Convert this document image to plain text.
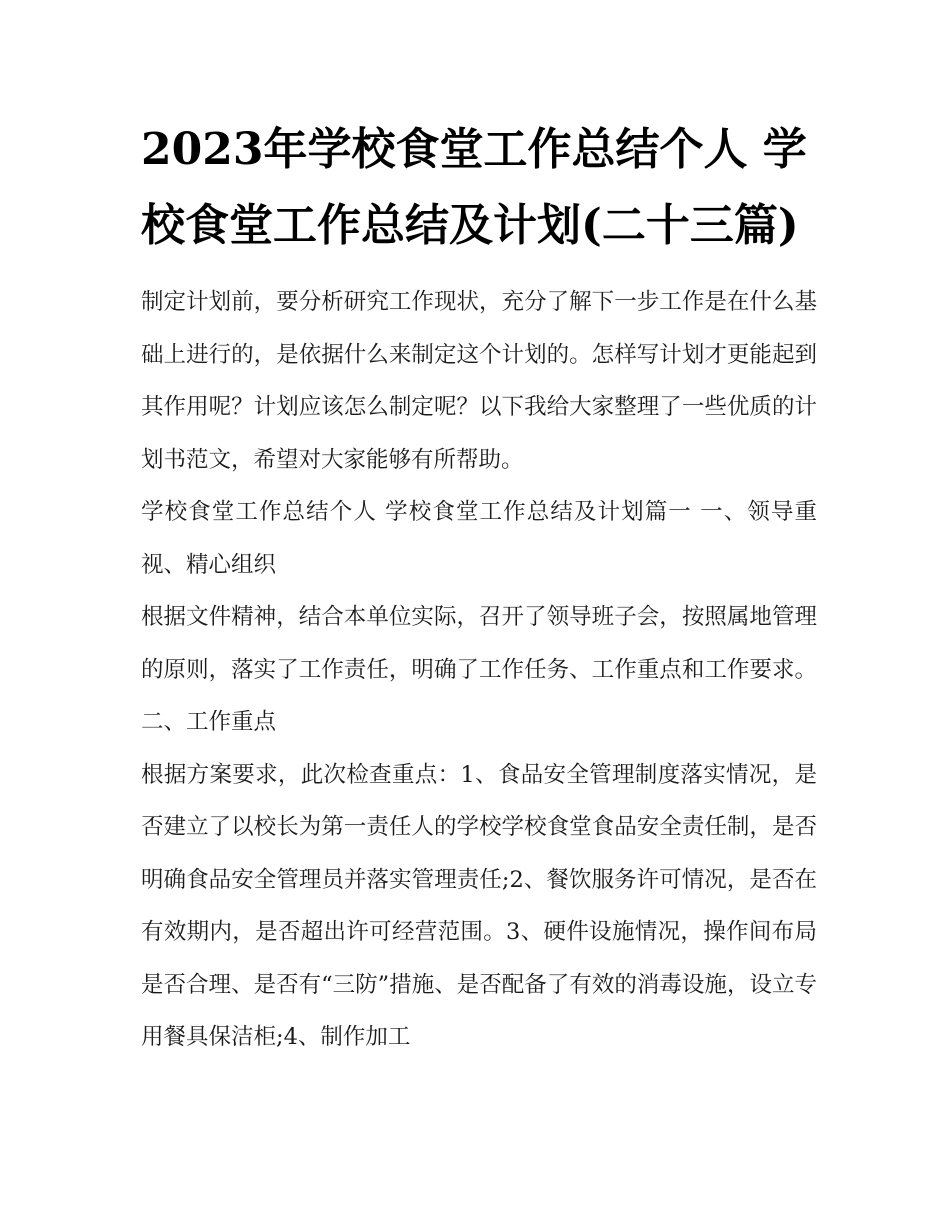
2023年学校食堂工作总结个人 学校食堂工作总结及计划(二十三篇)

制定计划前，要分析研究工作现状，充分了解下一步工作是在什么基础上进行的，是依据什么来制定这个计划的。怎样写计划才更能起到其作用呢？计划应该怎么制定呢？以下我给大家整理了一些优质的计划书范文，希望对大家能够有所帮助。

学校食堂工作总结个人 学校食堂工作总结及计划篇一 一、领导重视、精心组织

根据文件精神，结合本单位实际，召开了领导班子会，按照属地管理的原则，落实了工作责任，明确了工作任务、工作重点和工作要求。 二、工作重点

根据方案要求，此次检查重点：1、食品安全管理制度落实情况，是否建立了以校长为第一责任人的学校学校食堂食品安全责任制，是否明确食品安全管理员并落实管理责任;2、餐饮服务许可情况，是否在有效期内，是否超出许可经营范围。3、硬件设施情况，操作间布局是否合理、是否有“三防”措施、是否配备了有效的消毒设施，设立专用餐具保洁柜;4、制作加工
